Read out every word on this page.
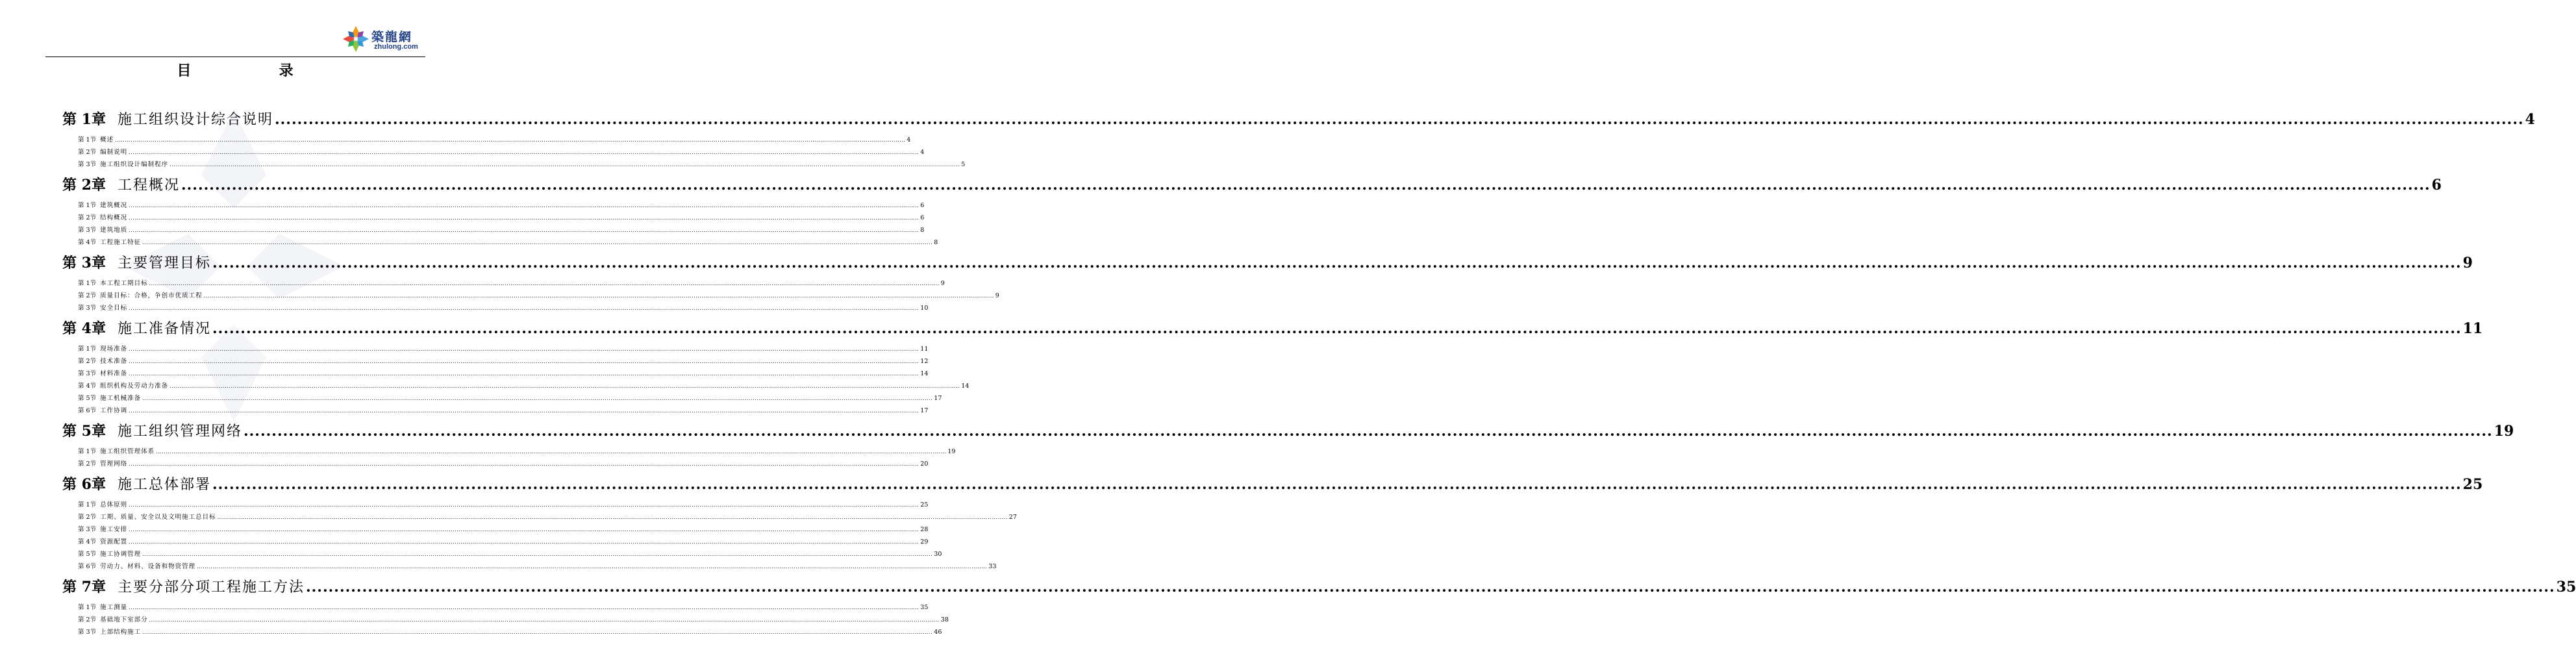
築龍網
zhulong.com
目	录
第 1章 施工组织设计综合说明 ................................................................................................................................................................................................................................................................................................................................................................................................................ 4
第 1节 概述 ................................................................................................................................................................................................................................................................................................................................................................................................................ 4
第 2节 编制说明 ................................................................................................................................................................................................................................................................................................................................................................................................................ 4
第 3节 施工组织设计编制程序 ................................................................................................................................................................................................................................................................................................................................................................................................................ 5
第 2章 工程概况 ................................................................................................................................................................................................................................................................................................................................................................................................................ 6
第 1节 建筑概况 ................................................................................................................................................................................................................................................................................................................................................................................................................ 6
第 2节 结构概况 ................................................................................................................................................................................................................................................................................................................................................................................................................ 6
第 3节 建筑地质 ................................................................................................................................................................................................................................................................................................................................................................................................................ 8
第 4节 工程施工特征 ................................................................................................................................................................................................................................................................................................................................................................................................................ 8
第 3章 主要管理目标 ................................................................................................................................................................................................................................................................................................................................................................................................................ 9
第 1节 本工程工期目标 ................................................................................................................................................................................................................................................................................................................................................................................................................ 9
第 2节 质量目标：合格，争创市优质工程 ................................................................................................................................................................................................................................................................................................................................................................................................................ 9
第 3节 安全目标 ................................................................................................................................................................................................................................................................................................................................................................................................................ 10
第 4章 施工准备情况 ................................................................................................................................................................................................................................................................................................................................................................................................................ 11
第 1节 现场准备 ................................................................................................................................................................................................................................................................................................................................................................................................................ 11
第 2节 技术准备 ................................................................................................................................................................................................................................................................................................................................................................................................................ 12
第 3节 材料准备 ................................................................................................................................................................................................................................................................................................................................................................................................................ 14
第 4节 组织机构及劳动力准备 ................................................................................................................................................................................................................................................................................................................................................................................................................ 14
第 5节 施工机械准备 ................................................................................................................................................................................................................................................................................................................................................................................................................ 17
第 6节 工作协调 ................................................................................................................................................................................................................................................................................................................................................................................................................ 17
第 5章 施工组织管理网络 ................................................................................................................................................................................................................................................................................................................................................................................................................ 19
第 1节 施工组织管理体系 ................................................................................................................................................................................................................................................................................................................................................................................................................ 19
第 2节 管理网络 ................................................................................................................................................................................................................................................................................................................................................................................................................ 20
第 6章 施工总体部署 ................................................................................................................................................................................................................................................................................................................................................................................................................ 25
第 1节 总体原则 ................................................................................................................................................................................................................................................................................................................................................................................................................ 25
第 2节 工期、质量、安全以及文明施工总目标 ................................................................................................................................................................................................................................................................................................................................................................................................................ 27
第 3节 施工安排 ................................................................................................................................................................................................................................................................................................................................................................................................................ 28
第 4节 资源配置 ................................................................................................................................................................................................................................................................................................................................................................................................................ 29
第 5节 施工协调管理 ................................................................................................................................................................................................................................................................................................................................................................................................................ 30
第 6节 劳动力、材料、设备和物资管理 ................................................................................................................................................................................................................................................................................................................................................................................................................ 33
第 7章 主要分部分项工程施工方法 ................................................................................................................................................................................................................................................................................................................................................................................................................ 35
第 1节 施工测量 ................................................................................................................................................................................................................................................................................................................................................................................................................ 35
第 2节 基础地下室部分 ................................................................................................................................................................................................................................................................................................................................................................................................................ 38
第 3节 上部结构施工 ................................................................................................................................................................................................................................................................................................................................................................................................................ 46
